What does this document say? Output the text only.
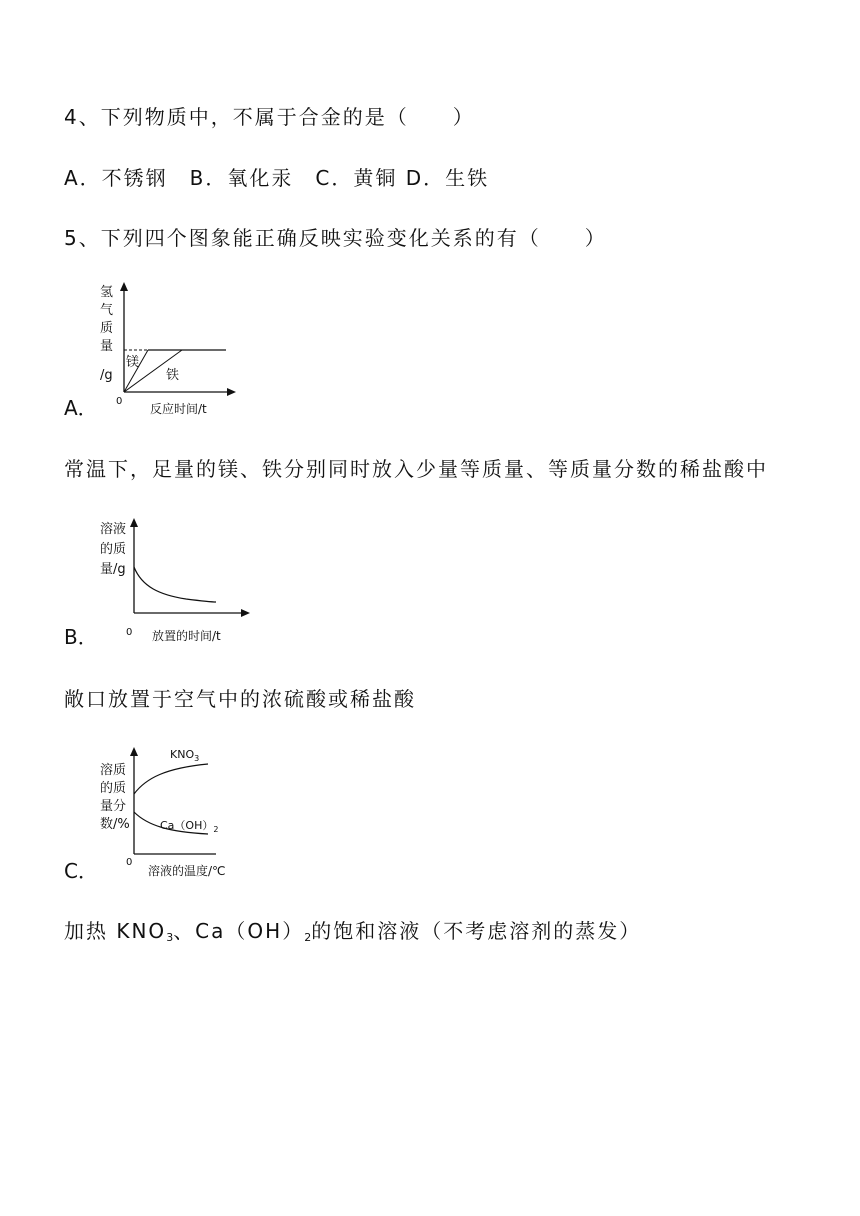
4、下列物质中，不属于合金的是（　　）
A．不锈钢　B．氧化汞　C．黄铜 D．生铁
5、下列四个图象能正确反映实验变化关系的有（　　）
A．
氢
气
质
量
/g
镁
铁
0
反应时间/t
常温下，足量的镁、铁分别同时放入少量等质量、等质量分数的稀盐酸中
B．
溶液
的质
量/g
0 放置的时间/t
敞口放置于空气中的浓硫酸或稀盐酸
C．
溶质
的质
量分
数/%
$KNO_3$
$Ca(OH)_2$
0
溶液的温度/℃
加热 $KNO_3$、Ca（OH）2的饱和溶液（不考虑溶剂的蒸发）
